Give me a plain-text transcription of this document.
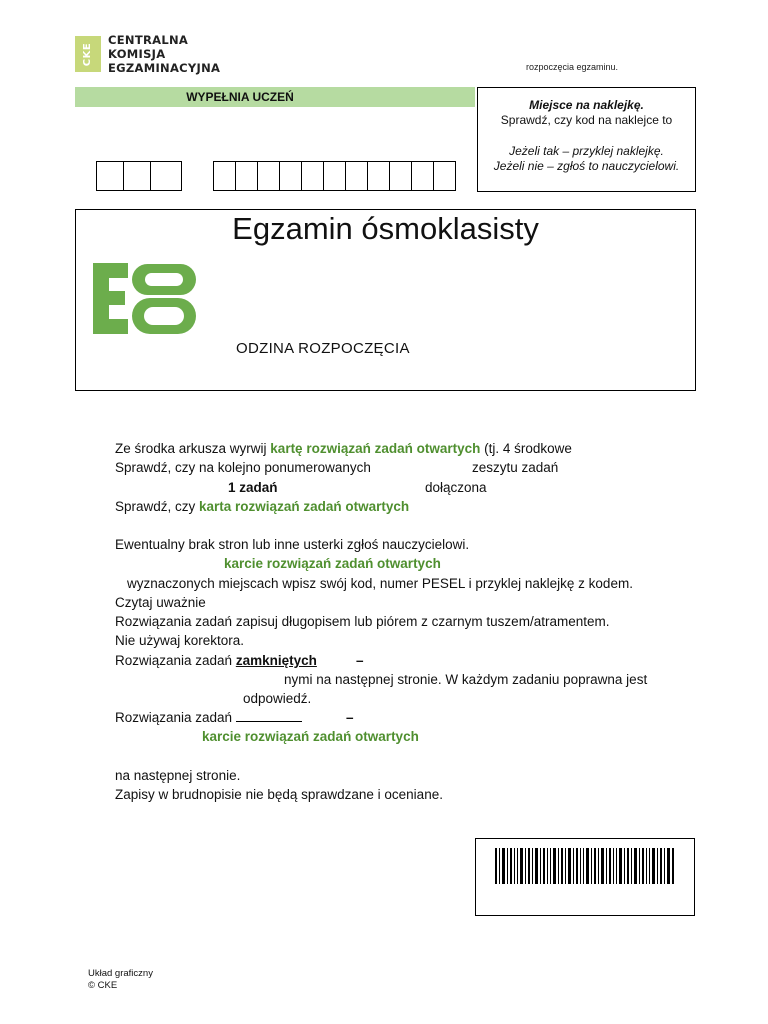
CKE
CENTRALNA
KOMISJA
EGZAMINACYJNA	rozpoczęcia egzaminu.
WYPEŁNIA UCZEŃ
Miejsce na naklejkę.
Sprawdź, czy kod na naklejce to
Jeżeli tak – przyklej naklejkę.
Jeżeli nie – zgłoś to nauczycielowi.
Egzamin ósmoklasisty
ODZINA ROZPOCZĘCIA
Ze środka arkusza wyrwij kartę rozwiązań zadań otwartych (tj. 4 środkowe
Sprawdź, czy na kolejno ponumerowanych	zeszytu zadań
1 zadań	dołączona
Sprawdź, czy karta rozwiązań zadań otwartych
Ewentualny brak stron lub inne usterki zgłoś nauczycielowi.
karcie rozwiązań zadań otwartych
wyznaczonych miejscach wpisz swój kod, numer PESEL i przyklej naklejkę z kodem.
Czytaj uważnie
Rozwiązania zadań zapisuj długopisem lub piórem z czarnym tuszem/atramentem.
Nie używaj korektora.
Rozwiązania zadań zamkniętych	–
nymi na następnej stronie. W każdym zadaniu poprawna jest
odpowiedź.
Rozwiązania zadań	–
karcie rozwiązań zadań otwartych
na następnej stronie.
Zapisy w brudnopisie nie będą sprawdzane i oceniane.
Układ graficzny
© CKE
